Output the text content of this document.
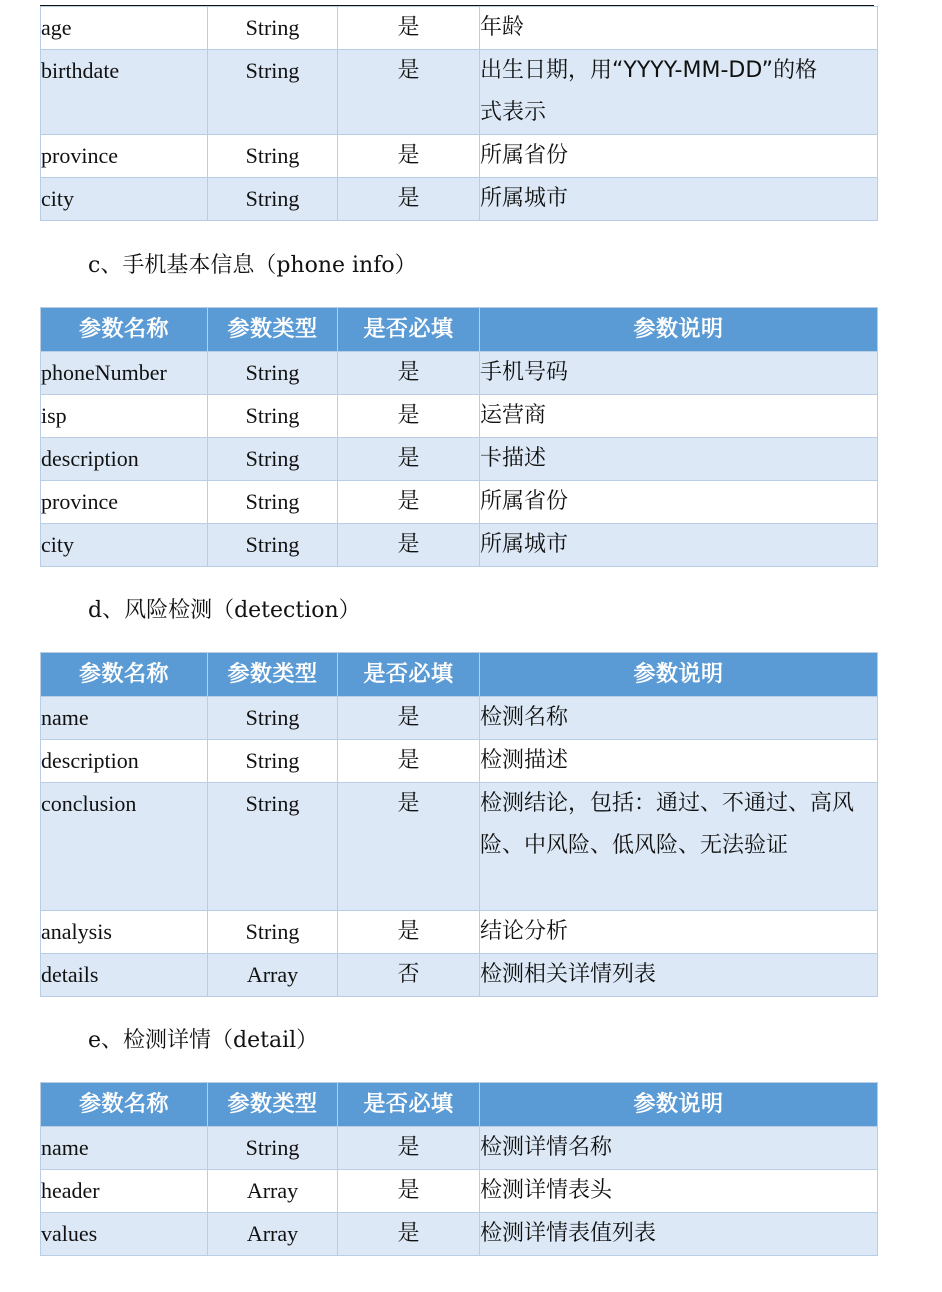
age	String	是	年龄
birthdate	String	是	出生日期，用“YYYY-MM-DD”的格式表示
province	String	是	所属省份
city	String	是	所属城市
c、手机基本信息（phone info）
参数名称	参数类型	是否必填	参数说明
phoneNumber	String	是	手机号码
isp	String	是	运营商
description	String	是	卡描述
province	String	是	所属省份
city	String	是	所属城市
d、风险检测（detection）
参数名称	参数类型	是否必填	参数说明
name	String	是	检测名称
description	String	是	检测描述
conclusion	String	是	检测结论，包括：通过、不通过、高风险、中风险、低风险、无法验证
analysis	String	是	结论分析
details	Array	否	检测相关详情列表
e、检测详情（detail）
参数名称	参数类型	是否必填	参数说明
name	String	是	检测详情名称
header	Array	是	检测详情表头
values	Array	是	检测详情表值列表
